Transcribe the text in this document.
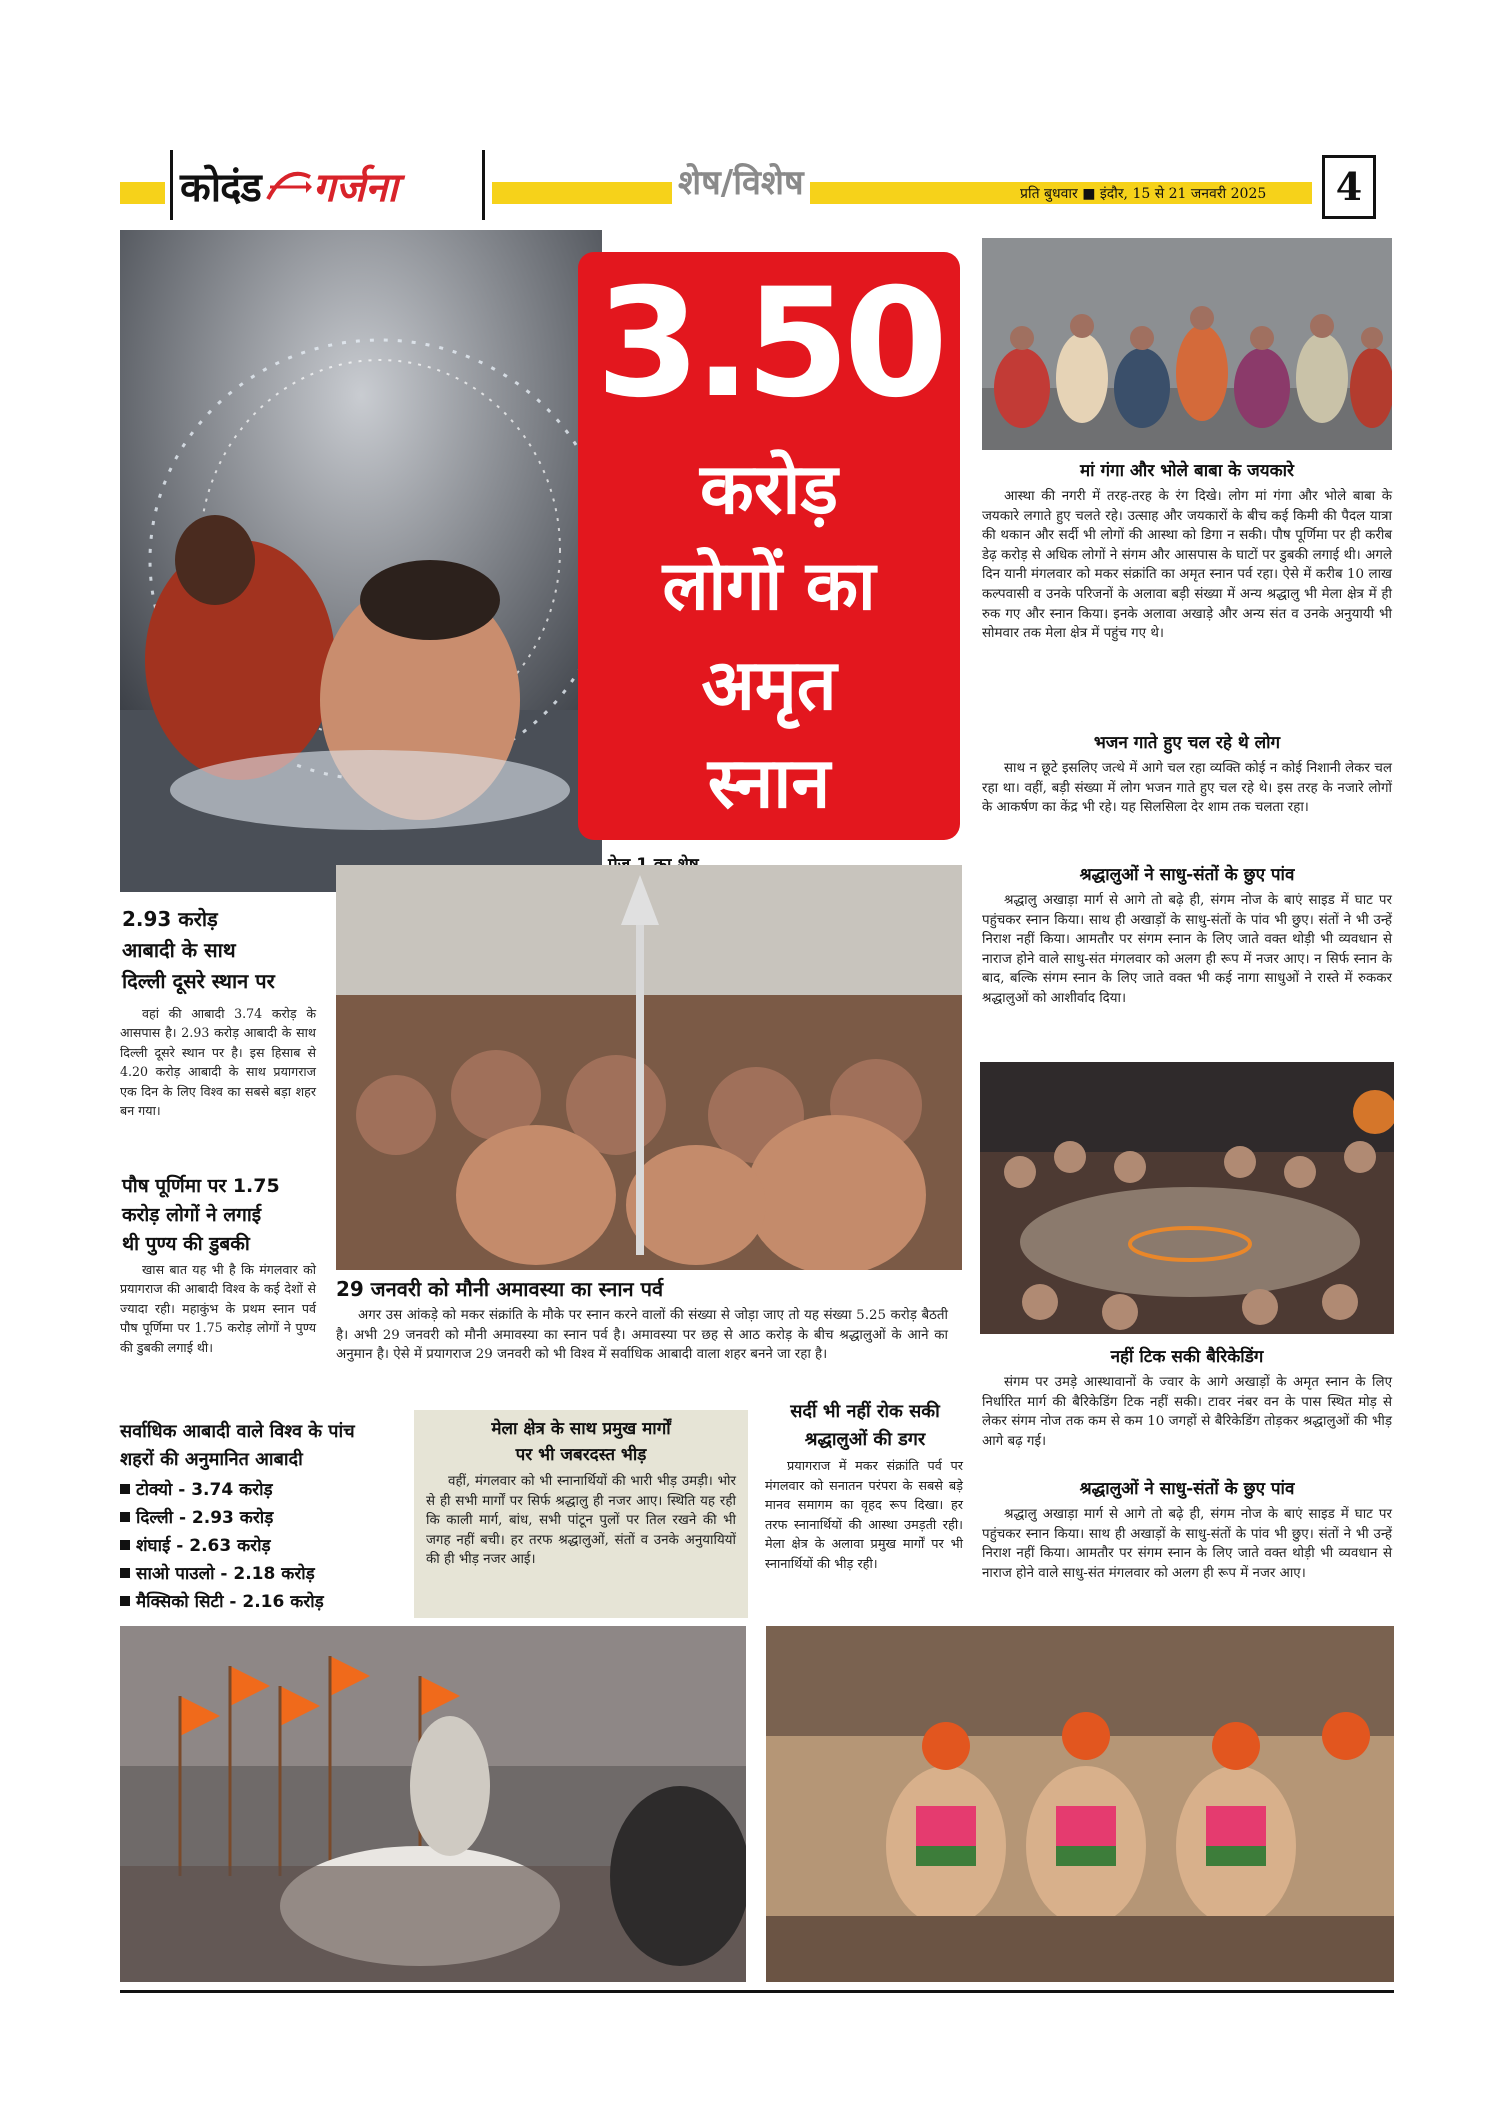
कोदंड गर्जना	शेष/विशेष	प्रति बुधवार ■ इंदौर, 15 से 21 जनवरी 2025	4
3.50
करोड़
लोगों का
अमृत
स्नान
2.93 करोड़
आबादी के साथ
दिल्ली दूसरे स्थान पर

वहां की आबादी 3.74 करोड़ के आसपास है। 2.93 करोड़ आबादी के साथ दिल्ली दूसरे स्थान पर है। इस हिसाब से 4.20 करोड़ आबादी के साथ प्रयागराज एक दिन के लिए विश्व का सबसे बड़ा शहर बन गया।

पौष पूर्णिमा पर 1.75
करोड़ लोगों ने लगाई
थी पुण्य की डुबकी

खास बात यह भी है कि मंगलवार को प्रयागराज की आबादी विश्व के कई देशों से ज्यादा रही। महाकुंभ के प्रथम स्नान पर्व पौष पूर्णिमा पर 1.75 करोड़ लोगों ने पुण्य की डुबकी लगाई थी।

29 जनवरी को मौनी अमावस्या का स्नान पर्व

अगर उस आंकड़े को मकर संक्रांति के मौके पर स्नान करने वालों की संख्या से जोड़ा जाए तो यह संख्या 5.25 करोड़ बैठती है। अभी 29 जनवरी को मौनी अमावस्या का स्नान पर्व है। अमावस्या पर छह से आठ करोड़ के बीच श्रद्धालुओं के आने का अनुमान है। ऐसे में प्रयागराज 29 जनवरी को भी विश्व में सर्वाधिक आबादी वाला शहर बनने जा रहा है।

सर्वाधिक आबादी वाले विश्व के पांच
शहरों की अनुमानित आबादी
टोक्यो - 3.74 करोड़
दिल्ली - 2.93 करोड़
शंघाई - 2.63 करोड़
साओ पाउलो - 2.18 करोड़
मैक्सिको सिटी - 2.16 करोड़
मेला क्षेत्र के साथ प्रमुख मार्गों
पर भी जबरदस्त भीड़

वहीं, मंगलवार को भी स्नानार्थियों की भारी भीड़ उमड़ी। भोर से ही सभी मार्गों पर सिर्फ श्रद्धालु ही नजर आए। स्थिति यह रही कि काली मार्ग, बांध, सभी पांटून पुलों पर तिल रखने की भी जगह नहीं बची। हर तरफ श्रद्धालुओं, संतों व उनके अनुयायियों की ही भीड़ नजर आई।

सर्दी भी नहीं रोक सकी
श्रद्धालुओं की डगर

प्रयागराज में मकर संक्रांति पर्व पर मंगलवार को सनातन परंपरा के सबसे बड़े मानव समागम का वृहद रूप दिखा। हर तरफ स्नानार्थियों की आस्था उमड़ती रही। मेला क्षेत्र के अलावा प्रमुख मार्गों पर भी स्नानार्थियों की भीड़ रही।

मां गंगा और भोले बाबा के जयकारे

आस्था की नगरी में तरह-तरह के रंग दिखे। लोग मां गंगा और भोले बाबा के जयकारे लगाते हुए चलते रहे। उत्साह और जयकारों के बीच कई किमी की पैदल यात्रा की थकान और सर्दी भी लोगों की आस्था को डिगा न सकी। पौष पूर्णिमा पर ही करीब डेढ़ करोड़ से अधिक लोगों ने संगम और आसपास के घाटों पर डुबकी लगाई थी। अगले दिन यानी मंगलवार को मकर संक्रांति का अमृत स्नान पर्व रहा। ऐसे में करीब 10 लाख कल्पवासी व उनके परिजनों के अलावा बड़ी संख्या में अन्य श्रद्धालु भी मेला क्षेत्र में ही रुक गए और स्नान किया। इनके अलावा अखाड़े और अन्य संत व उनके अनुयायी भी सोमवार तक मेला क्षेत्र में पहुंच गए थे।

भजन गाते हुए चल रहे थे लोग

साथ न छूटे इसलिए जत्थे में आगे चल रहा व्यक्ति कोई न कोई निशानी लेकर चल रहा था। वहीं, बड़ी संख्या में लोग भजन गाते हुए चल रहे थे। इस तरह के नजारे लोगों के आकर्षण का केंद्र भी रहे। यह सिलसिला देर शाम तक चलता रहा।

श्रद्धालुओं ने साधु-संतों के छुए पांव

श्रद्धालु अखाड़ा मार्ग से आगे तो बढ़े ही, संगम नोज के बाएं साइड में घाट पर पहुंचकर स्नान किया। साथ ही अखाड़ों के साधु-संतों के पांव भी छुए। संतों ने भी उन्हें निराश नहीं किया। आमतौर पर संगम स्नान के लिए जाते वक्त थोड़ी भी व्यवधान से नाराज होने वाले साधु-संत मंगलवार को अलग ही रूप में नजर आए। न सिर्फ स्नान के बाद, बल्कि संगम स्नान के लिए जाते वक्त भी कई नागा साधुओं ने रास्ते में रुककर श्रद्धालुओं को आशीर्वाद दिया।

नहीं टिक सकी बैरिकेडिंग

संगम पर उमड़े आस्थावानों के ज्वार के आगे अखाड़ों के अमृत स्नान के लिए निर्धारित मार्ग की बैरिकेडिंग टिक नहीं सकी। टावर नंबर वन के पास स्थित मोड़ से लेकर संगम नोज तक कम से कम 10 जगहों से बैरिकेडिंग तोड़कर श्रद्धालुओं की भीड़ आगे बढ़ गई।

श्रद्धालुओं ने साधु-संतों के छुए पांव

श्रद्धालु अखाड़ा मार्ग से आगे तो बढ़े ही, संगम नोज के बाएं साइड में घाट पर पहुंचकर स्नान किया। साथ ही अखाड़ों के साधु-संतों के पांव भी छुए। संतों ने भी उन्हें निराश नहीं किया। आमतौर पर संगम स्नान के लिए जाते वक्त थोड़ी भी व्यवधान से नाराज होने वाले साधु-संत मंगलवार को अलग ही रूप में नजर आए।
